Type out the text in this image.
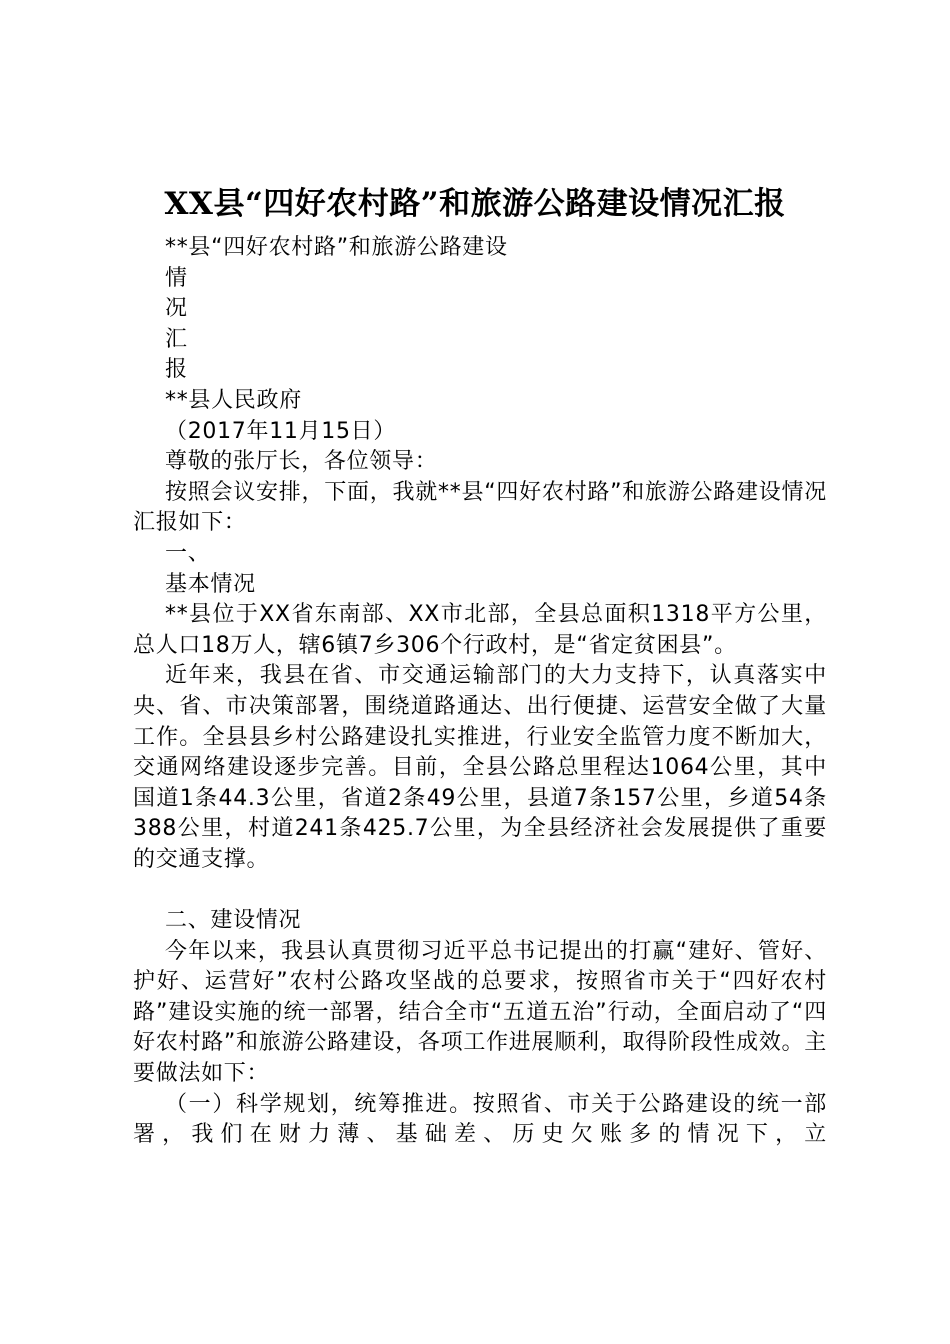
XX县“四好农村路”和旅游公路建设情况汇报

**县“四好农村路”和旅游公路建设

情

况

汇

报

**县人民政府

（2017年11月15日）

尊敬的张厅长，各位领导：

按照会议安排，下面，我就**县“四好农村路”和旅游公路建设情况汇报如下：

一、

基本情况

**县位于XX省东南部、XX市北部，全县总面积1318平方公里，总人口18万人，辖6镇7乡306个行政村，是“省定贫困县”。

近年来，我县在省、市交通运输部门的大力支持下，认真落实中央、省、市决策部署，围绕道路通达、出行便捷、运营安全做了大量工作。全县县乡村公路建设扎实推进，行业安全监管力度不断加大，交通网络建设逐步完善。目前，全县公路总里程达1064公里，其中国道1条44.3公里，省道2条49公里，县道7条157公里，乡道54条388公里，村道241条425.7公里，为全县经济社会发展提供了重要的交通支撑。

二、建设情况

今年以来，我县认真贯彻习近平总书记提出的打赢“建好、管好、护好、运营好”农村公路攻坚战的总要求，按照省市关于“四好农村路”建设实施的统一部署，结合全市“五道五治”行动，全面启动了“四好农村路”和旅游公路建设，各项工作进展顺利，取得阶段性成效。主要做法如下：

（一）科学规划，统筹推进。按照省、市关于公路建设的统一部署，我们在财力薄、基础差、历史欠账多的情况下，立
